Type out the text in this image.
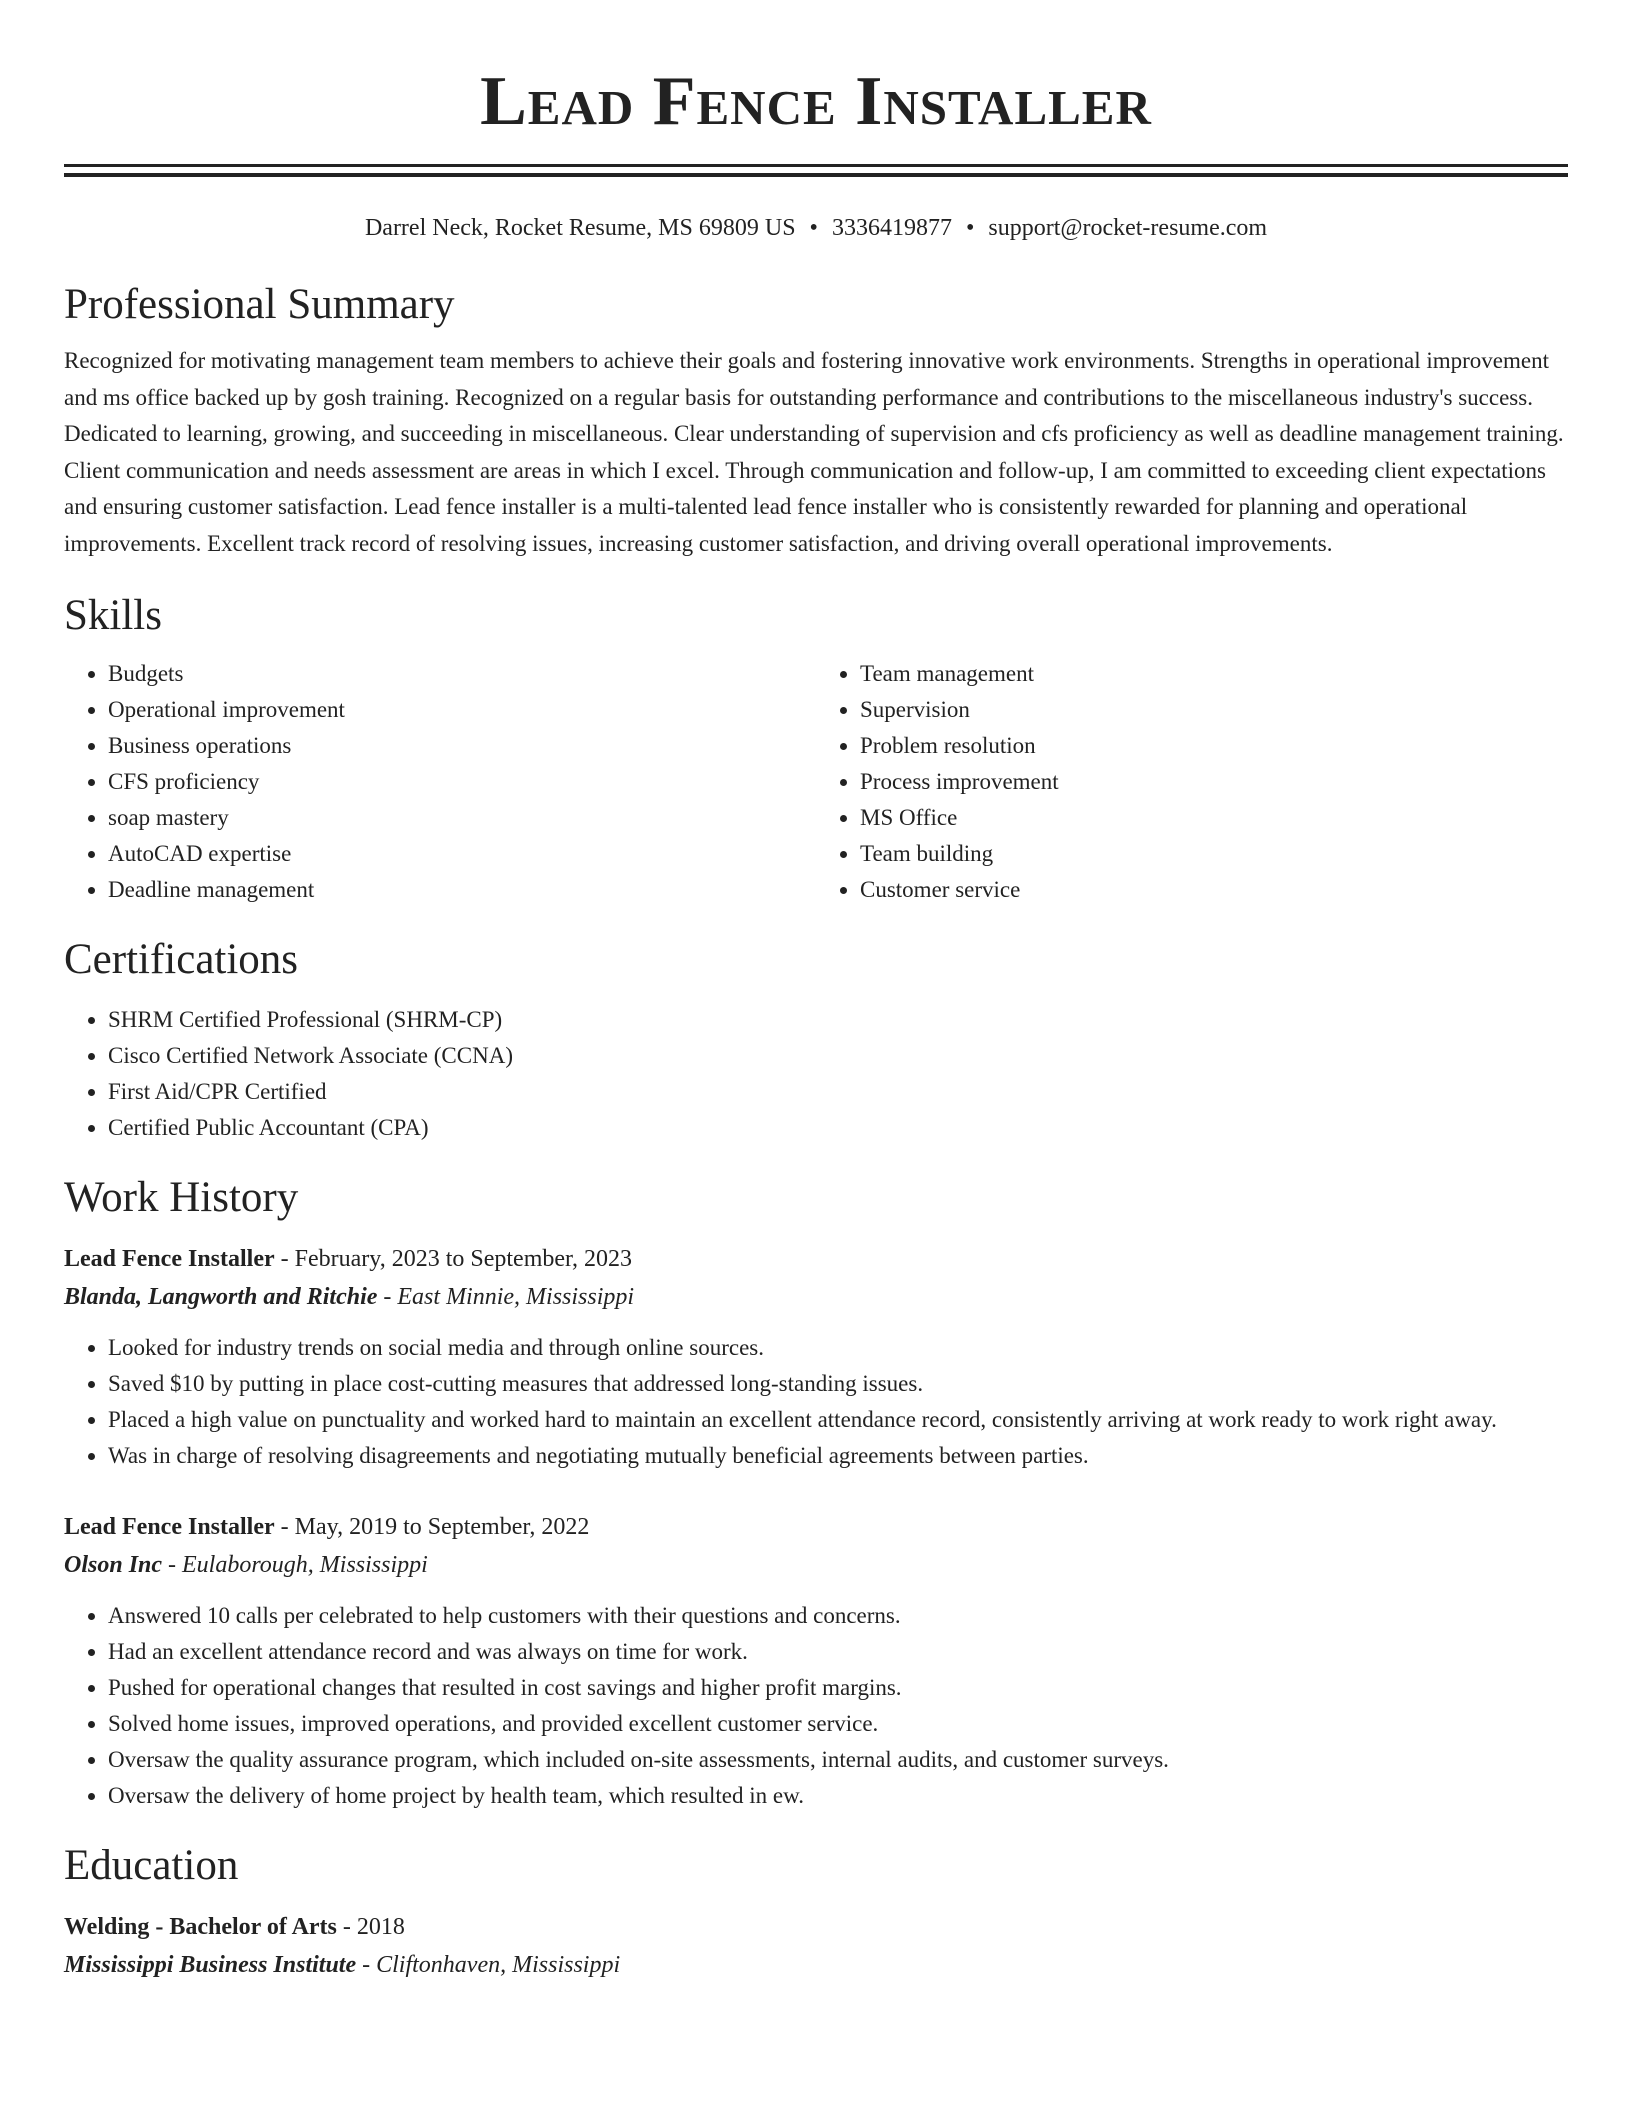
Lead Fence Installer
Darrel Neck, Rocket Resume, MS 69809 US • 3336419877 • support@rocket-resume.com
Professional Summary

Recognized for motivating management team members to achieve their goals and fostering innovative work environments. Strengths in operational improvement and ms office backed up by gosh training. Recognized on a regular basis for outstanding performance and contributions to the miscellaneous industry's success. Dedicated to learning, growing, and succeeding in miscellaneous. Clear understanding of supervision and cfs proficiency as well as deadline management training. Client communication and needs assessment are areas in which I excel. Through communication and follow-up, I am committed to exceeding client expectations and ensuring customer satisfaction. Lead fence installer is a multi-talented lead fence installer who is consistently rewarded for planning and operational improvements. Excellent track record of resolving issues, increasing customer satisfaction, and driving overall operational improvements.

Skills
• Budgets
• Operational improvement
• Business operations
• CFS proficiency
• soap mastery
• AutoCAD expertise
• Deadline management
• Team management
• Supervision
• Problem resolution
• Process improvement
• MS Office
• Team building
• Customer service
Certifications
• SHRM Certified Professional (SHRM-CP)
• Cisco Certified Network Associate (CCNA)
• First Aid/CPR Certified
• Certified Public Accountant (CPA)
Work History
Lead Fence Installer - February, 2023 to September, 2023
Blanda, Langworth and Ritchie - East Minnie, Mississippi
• Looked for industry trends on social media and through online sources.
• Saved $10 by putting in place cost-cutting measures that addressed long-standing issues.
• Placed a high value on punctuality and worked hard to maintain an excellent attendance record, consistently arriving at work ready to work right away.
• Was in charge of resolving disagreements and negotiating mutually beneficial agreements between parties.
Lead Fence Installer - May, 2019 to September, 2022
Olson Inc - Eulaborough, Mississippi
• Answered 10 calls per celebrated to help customers with their questions and concerns.
• Had an excellent attendance record and was always on time for work.
• Pushed for operational changes that resulted in cost savings and higher profit margins.
• Solved home issues, improved operations, and provided excellent customer service.
• Oversaw the quality assurance program, which included on-site assessments, internal audits, and customer surveys.
• Oversaw the delivery of home project by health team, which resulted in ew.
Education
Welding - Bachelor of Arts - 2018
Mississippi Business Institute - Cliftonhaven, Mississippi
